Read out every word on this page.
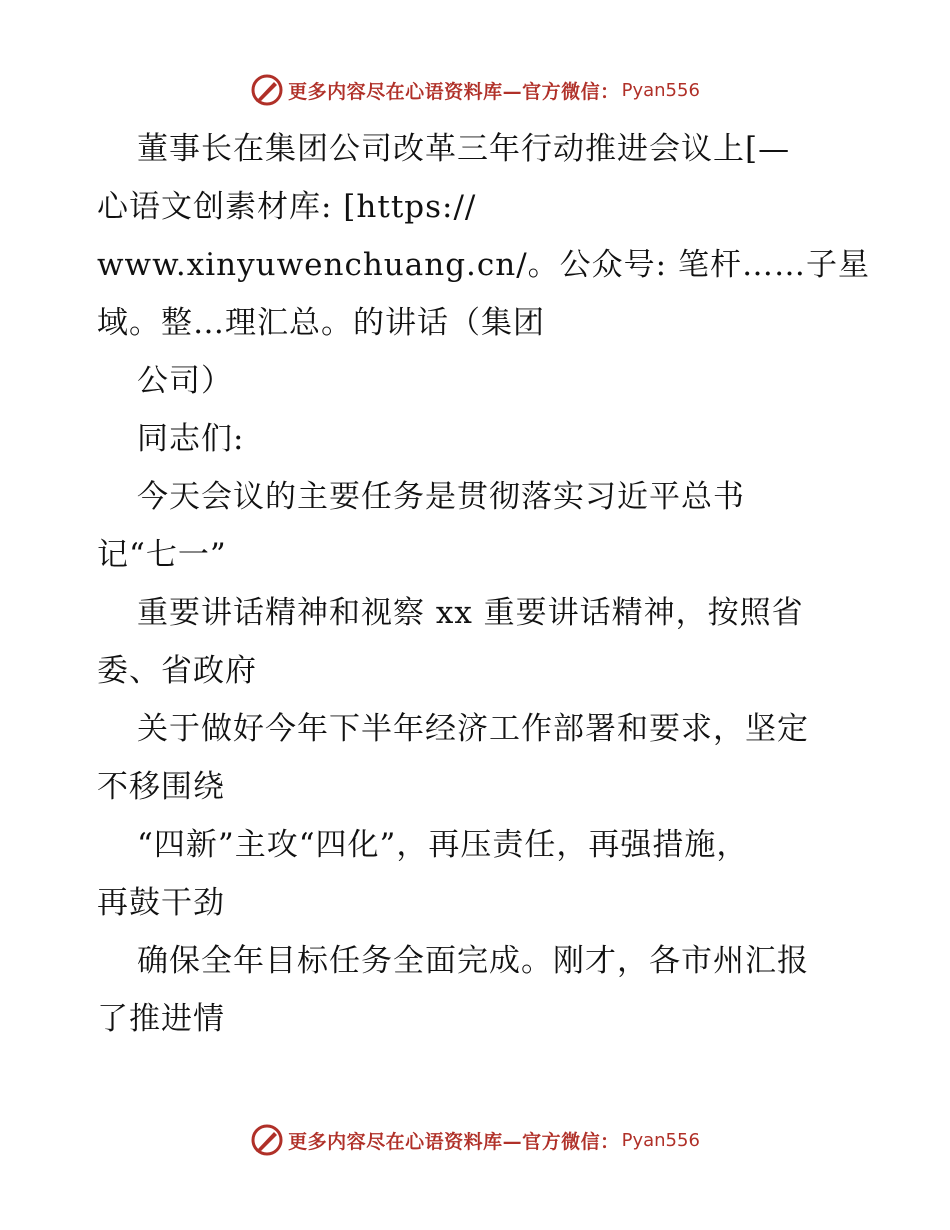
更多内容尽在心语资料库—官方微信： Pyan556
董事长在集团公司改革三年行动推进会议上[—
心语文创素材库: [https://
www.xinyuwenchuang.cn/。公众号: 笔杆……子星
域。整…理汇总。的讲话（集团
公司）
同志们:
今天会议的主要任务是贯彻落实习近平总书
记“七一”
重要讲话精神和视察 xx 重要讲话精神，按照省
委、省政府
关于做好今年下半年经济工作部署和要求，坚定
不移围绕
“四新”主攻“四化”，再压责任，再强措施，
再鼓干劲
确保全年目标任务全面完成。刚才，各市州汇报
了推进情
更多内容尽在心语资料库—官方微信： Pyan556
